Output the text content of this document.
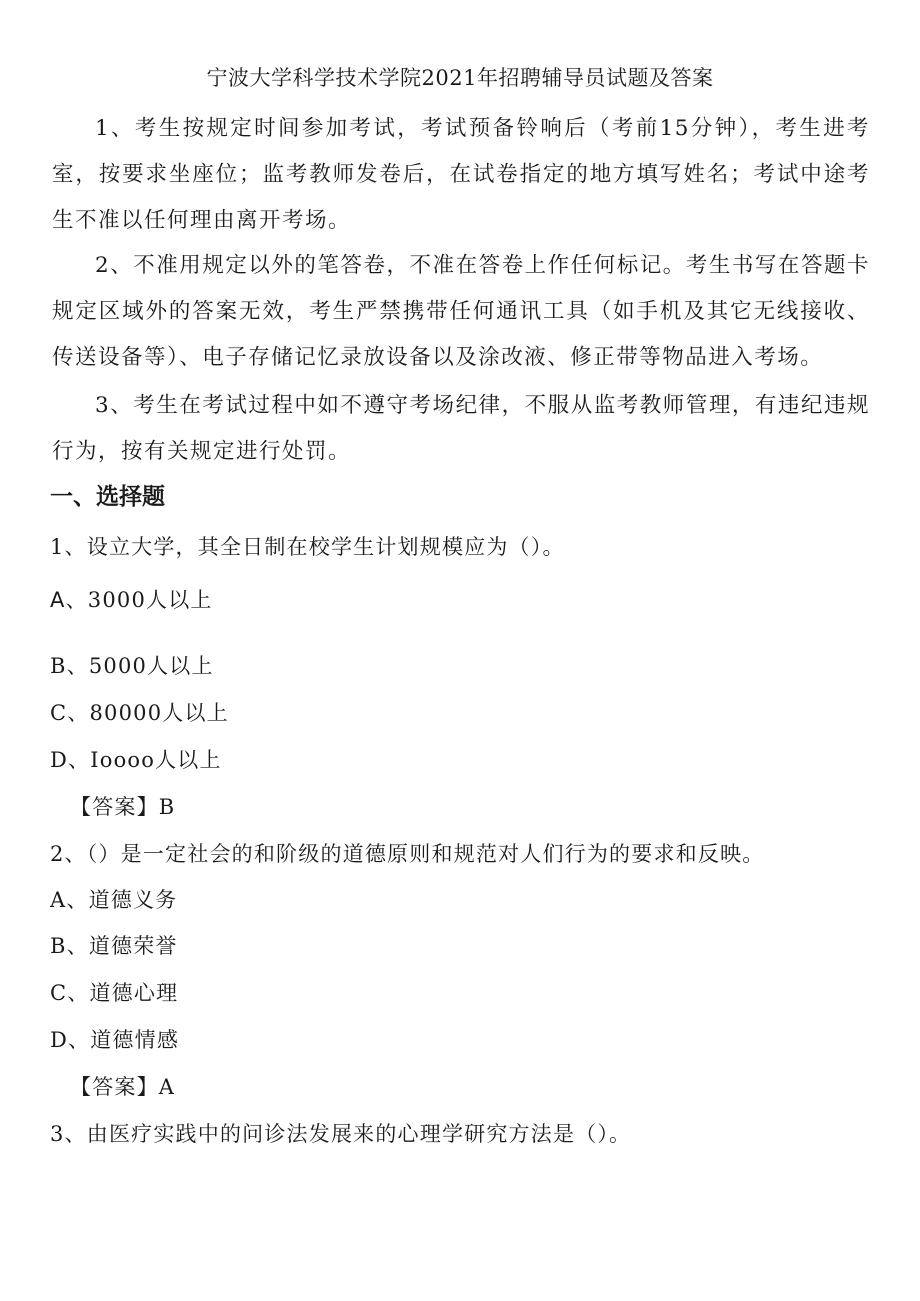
宁波大学科学技术学院2021年招聘辅导员试题及答案

1、考生按规定时间参加考试，考试预备铃响后（考前15分钟），考生进考室，按要求坐座位；监考教师发卷后，在试卷指定的地方填写姓名；考试中途考生不准以任何理由离开考场。

2、不准用规定以外的笔答卷，不准在答卷上作任何标记。考生书写在答题卡规定区域外的答案无效，考生严禁携带任何通讯工具（如手机及其它无线接收、传送设备等）、电子存储记忆录放设备以及涂改液、修正带等物品进入考场。

3、考生在考试过程中如不遵守考场纪律，不服从监考教师管理，有违纪违规行为，按有关规定进行处罚。

一、选择题
1、设立大学，其全日制在校学生计划规模应为（）。
A、3000人以上
B、5000人以上
C、80000人以上
D、Ioooo人以上
【答案】B
2、（）是一定社会的和阶级的道德原则和规范对人们行为的要求和反映。
A、道德义务
B、道德荣誉
C、道德心理
D、道德情感
【答案】A
3、由医疗实践中的问诊法发展来的心理学研究方法是（）。
